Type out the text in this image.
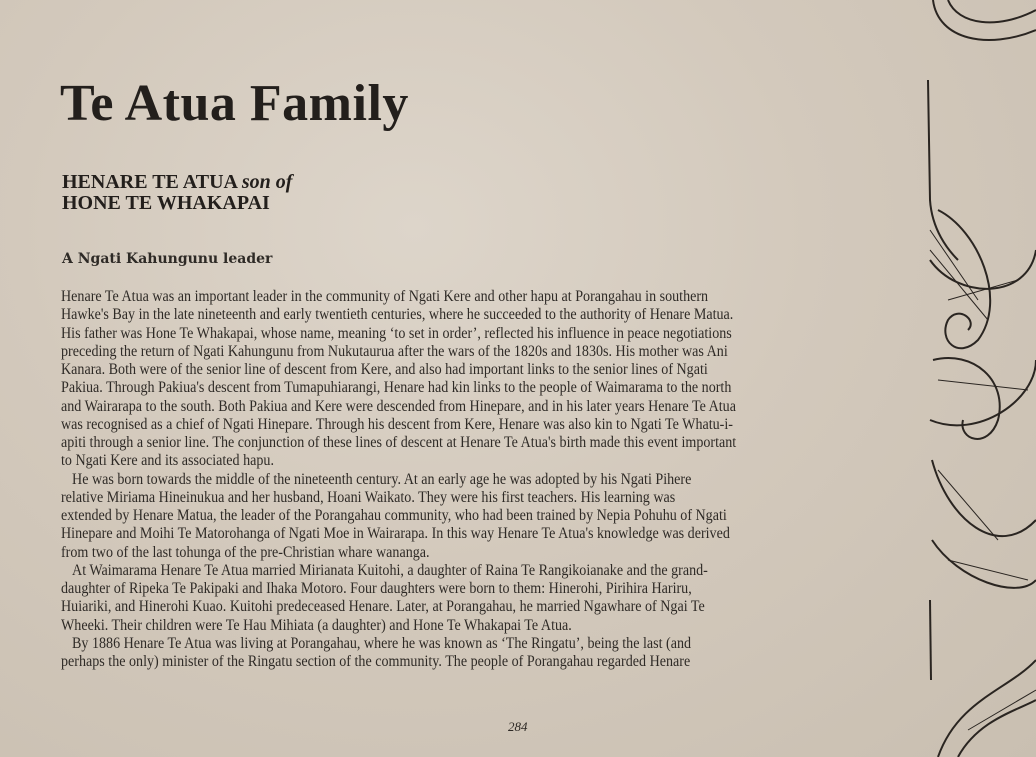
Te Atua Family
HENARE TE ATUA son of
HONE TE WHAKAPAI
A Ngati Kahungunu leader
Henare Te Atua was an important leader in the community of Ngati Kere and other hapu at Porangahau in southern
Hawke's Bay in the late nineteenth and early twentieth centuries, where he succeeded to the authority of Henare Matua.
His father was Hone Te Whakapai, whose name, meaning ‘to set in order’, reflected his influence in peace negotiations
preceding the return of Ngati Kahungunu from Nukutaurua after the wars of the 1820s and 1830s. His mother was Ani
Kanara. Both were of the senior line of descent from Kere, and also had important links to the senior lines of Ngati
Pakiua. Through Pakiua's descent from Tumapuhiarangi, Henare had kin links to the people of Waimarama to the north
and Wairarapa to the south. Both Pakiua and Kere were descended from Hinepare, and in his later years Henare Te Atua
was recognised as a chief of Ngati Hinepare. Through his descent from Kere, Henare was also kin to Ngati Te Whatu-i-
apiti through a senior line. The conjunction of these lines of descent at Henare Te Atua's birth made this event important
to Ngati Kere and its associated hapu.
He was born towards the middle of the nineteenth century. At an early age he was adopted by his Ngati Pihere
relative Miriama Hineinukua and her husband, Hoani Waikato. They were his first teachers. His learning was
extended by Henare Matua, the leader of the Porangahau community, who had been trained by Nepia Pohuhu of Ngati
Hinepare and Moihi Te Matorohanga of Ngati Moe in Wairarapa. In this way Henare Te Atua's knowledge was derived
from two of the last tohunga of the pre-Christian whare wananga.
At Waimarama Henare Te Atua married Mirianata Kuitohi, a daughter of Raina Te Rangikoianake and the grand-
daughter of Ripeka Te Pakipaki and Ihaka Motoro. Four daughters were born to them: Hinerohi, Pirihira Hariru,
Huiariki, and Hinerohi Kuao. Kuitohi predeceased Henare. Later, at Porangahau, he married Ngawhare of Ngai Te
Wheeki. Their children were Te Hau Mihiata (a daughter) and Hone Te Whakapai Te Atua.
By 1886 Henare Te Atua was living at Porangahau, where he was known as ‘The Ringatu’, being the last (and
perhaps the only) minister of the Ringatu section of the community. The people of Porangahau regarded Henare
284
